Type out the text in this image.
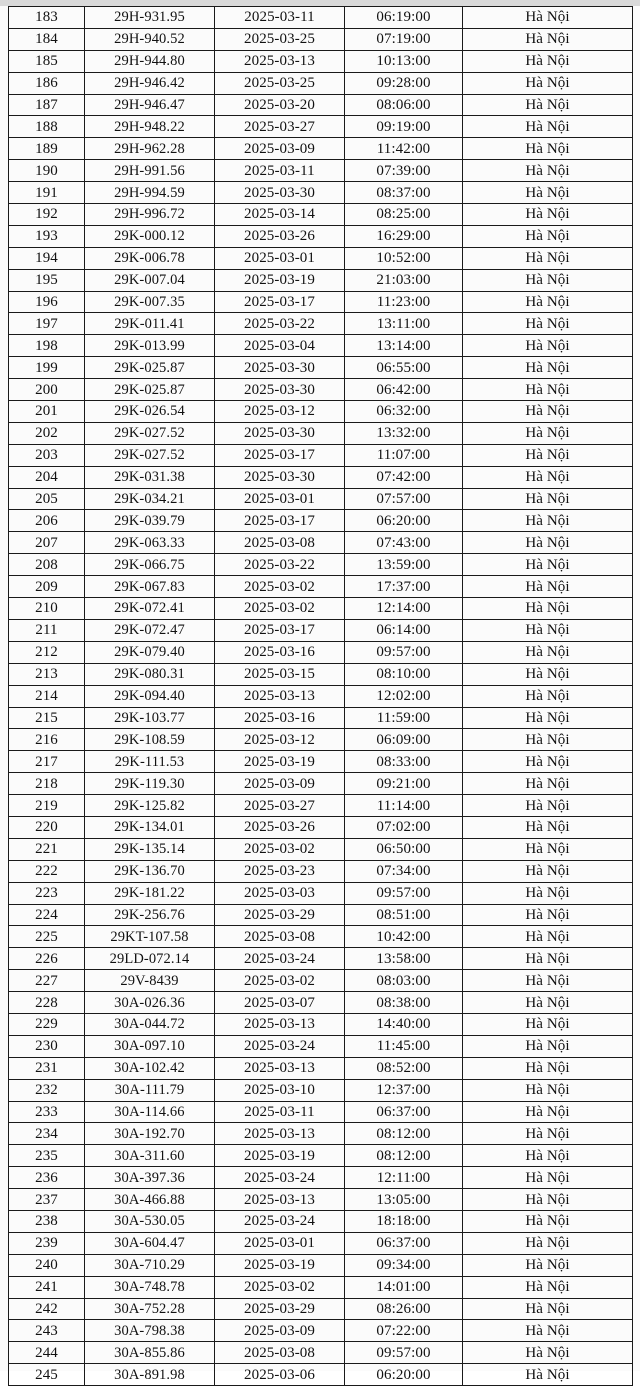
183	29H-931.95	2025-03-11	06:19:00	Hà Nội
184	29H-940.52	2025-03-25	07:19:00	Hà Nội
185	29H-944.80	2025-03-13	10:13:00	Hà Nội
186	29H-946.42	2025-03-25	09:28:00	Hà Nội
187	29H-946.47	2025-03-20	08:06:00	Hà Nội
188	29H-948.22	2025-03-27	09:19:00	Hà Nội
189	29H-962.28	2025-03-09	11:42:00	Hà Nội
190	29H-991.56	2025-03-11	07:39:00	Hà Nội
191	29H-994.59	2025-03-30	08:37:00	Hà Nội
192	29H-996.72	2025-03-14	08:25:00	Hà Nội
193	29K-000.12	2025-03-26	16:29:00	Hà Nội
194	29K-006.78	2025-03-01	10:52:00	Hà Nội
195	29K-007.04	2025-03-19	21:03:00	Hà Nội
196	29K-007.35	2025-03-17	11:23:00	Hà Nội
197	29K-011.41	2025-03-22	13:11:00	Hà Nội
198	29K-013.99	2025-03-04	13:14:00	Hà Nội
199	29K-025.87	2025-03-30	06:55:00	Hà Nội
200	29K-025.87	2025-03-30	06:42:00	Hà Nội
201	29K-026.54	2025-03-12	06:32:00	Hà Nội
202	29K-027.52	2025-03-30	13:32:00	Hà Nội
203	29K-027.52	2025-03-17	11:07:00	Hà Nội
204	29K-031.38	2025-03-30	07:42:00	Hà Nội
205	29K-034.21	2025-03-01	07:57:00	Hà Nội
206	29K-039.79	2025-03-17	06:20:00	Hà Nội
207	29K-063.33	2025-03-08	07:43:00	Hà Nội
208	29K-066.75	2025-03-22	13:59:00	Hà Nội
209	29K-067.83	2025-03-02	17:37:00	Hà Nội
210	29K-072.41	2025-03-02	12:14:00	Hà Nội
211	29K-072.47	2025-03-17	06:14:00	Hà Nội
212	29K-079.40	2025-03-16	09:57:00	Hà Nội
213	29K-080.31	2025-03-15	08:10:00	Hà Nội
214	29K-094.40	2025-03-13	12:02:00	Hà Nội
215	29K-103.77	2025-03-16	11:59:00	Hà Nội
216	29K-108.59	2025-03-12	06:09:00	Hà Nội
217	29K-111.53	2025-03-19	08:33:00	Hà Nội
218	29K-119.30	2025-03-09	09:21:00	Hà Nội
219	29K-125.82	2025-03-27	11:14:00	Hà Nội
220	29K-134.01	2025-03-26	07:02:00	Hà Nội
221	29K-135.14	2025-03-02	06:50:00	Hà Nội
222	29K-136.70	2025-03-23	07:34:00	Hà Nội
223	29K-181.22	2025-03-03	09:57:00	Hà Nội
224	29K-256.76	2025-03-29	08:51:00	Hà Nội
225	29KT-107.58	2025-03-08	10:42:00	Hà Nội
226	29LD-072.14	2025-03-24	13:58:00	Hà Nội
227	29V-8439	2025-03-02	08:03:00	Hà Nội
228	30A-026.36	2025-03-07	08:38:00	Hà Nội
229	30A-044.72	2025-03-13	14:40:00	Hà Nội
230	30A-097.10	2025-03-24	11:45:00	Hà Nội
231	30A-102.42	2025-03-13	08:52:00	Hà Nội
232	30A-111.79	2025-03-10	12:37:00	Hà Nội
233	30A-114.66	2025-03-11	06:37:00	Hà Nội
234	30A-192.70	2025-03-13	08:12:00	Hà Nội
235	30A-311.60	2025-03-19	08:12:00	Hà Nội
236	30A-397.36	2025-03-24	12:11:00	Hà Nội
237	30A-466.88	2025-03-13	13:05:00	Hà Nội
238	30A-530.05	2025-03-24	18:18:00	Hà Nội
239	30A-604.47	2025-03-01	06:37:00	Hà Nội
240	30A-710.29	2025-03-19	09:34:00	Hà Nội
241	30A-748.78	2025-03-02	14:01:00	Hà Nội
242	30A-752.28	2025-03-29	08:26:00	Hà Nội
243	30A-798.38	2025-03-09	07:22:00	Hà Nội
244	30A-855.86	2025-03-08	09:57:00	Hà Nội
245	30A-891.98	2025-03-06	06:20:00	Hà Nội
